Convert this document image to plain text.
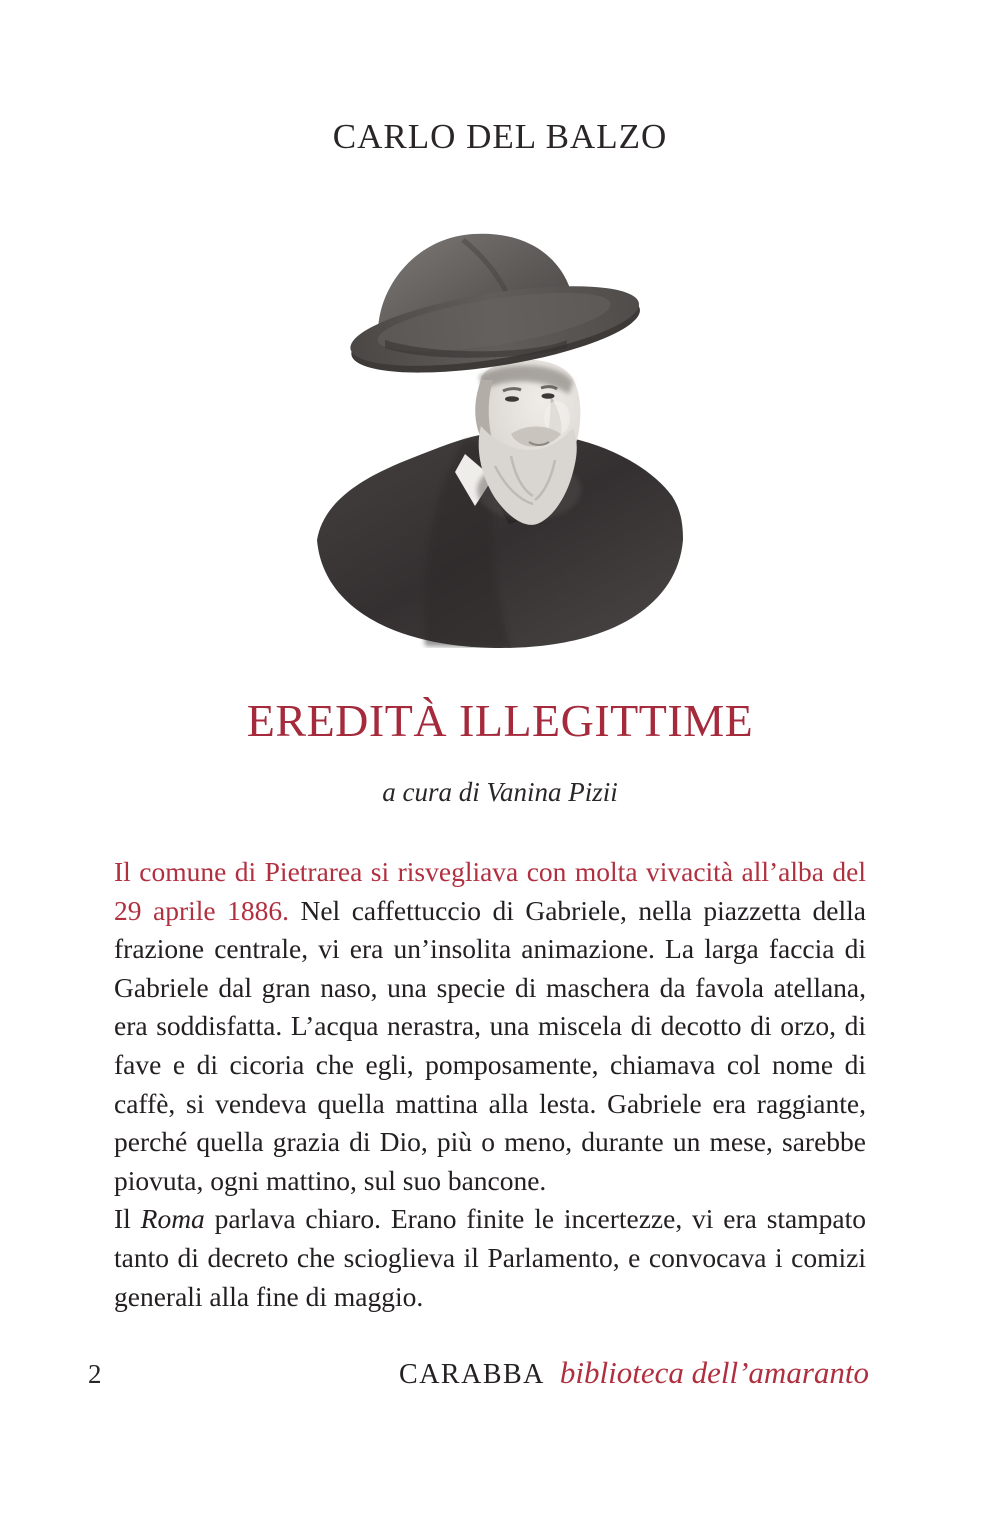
CARLO DEL BALZO
EREDITÀ ILLEGITTIME

a cura di Vanina Pizii

Il comune di Pietrarea si risvegliava con molta vivacità all’alba del 29 aprile 1886. Nel caffettuccio di Gabriele, nella piazzetta della frazione centrale, vi era un’insolita animazione. La larga faccia di Gabriele dal gran naso, una specie di maschera da favola atellana, era soddisfatta. L’acqua nerastra, una miscela di decotto di orzo, di fave e di cicoria che egli, pomposamente, chiamava col nome di caffè, si vendeva quella mattina alla lesta. Gabriele era raggiante, perché quella grazia di Dio, più o meno, durante un mese, sarebbe piovuta, ogni mattino, sul suo bancone.

Il Roma parlava chiaro. Erano finite le incertezze, vi era stampato tanto di decreto che scioglieva il Parlamento, e convocava i comizi generali alla fine di maggio.

2	CARABBA biblioteca dell’amaranto
